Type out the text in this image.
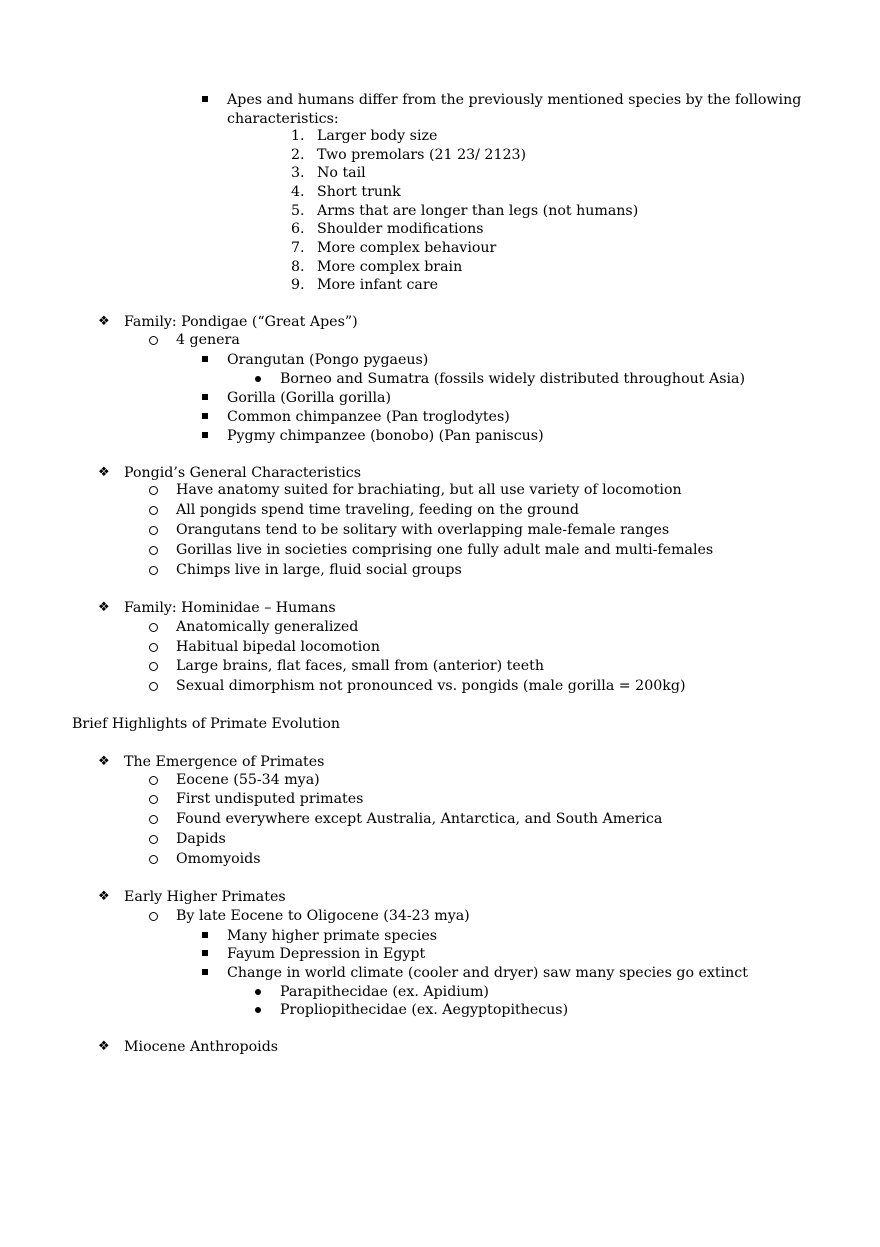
Apes and humans differ from the previously mentioned species by the following
characteristics:
1. Larger body size
2. Two premolars (21 23/ 2123)
3. No tail
4. Short trunk
5. Arms that are longer than legs (not humans)
6. Shoulder modifications
7. More complex behaviour
8. More complex brain
9. More infant care
❖ Family: Pondigae (“Great Apes”)
4 genera
Orangutan (Pongo pygaeus)
Borneo and Sumatra (fossils widely distributed throughout Asia)
Gorilla (Gorilla gorilla)
Common chimpanzee (Pan troglodytes)
Pygmy chimpanzee (bonobo) (Pan paniscus)
❖ Pongid’s General Characteristics
Have anatomy suited for brachiating, but all use variety of locomotion
All pongids spend time traveling, feeding on the ground
Orangutans tend to be solitary with overlapping male-female ranges
Gorillas live in societies comprising one fully adult male and multi-females
Chimps live in large, fluid social groups
❖ Family: Hominidae – Humans
Anatomically generalized
Habitual bipedal locomotion
Large brains, flat faces, small from (anterior) teeth
Sexual dimorphism not pronounced vs. pongids (male gorilla = 200kg)
Brief Highlights of Primate Evolution
❖ The Emergence of Primates
Eocene (55-34 mya)
First undisputed primates
Found everywhere except Australia, Antarctica, and South America
Dapids
Omomyoids
❖ Early Higher Primates
By late Eocene to Oligocene (34-23 mya)
Many higher primate species
Fayum Depression in Egypt
Change in world climate (cooler and dryer) saw many species go extinct
Parapithecidae (ex. Apidium)
Propliopithecidae (ex. Aegyptopithecus)
❖ Miocene Anthropoids
